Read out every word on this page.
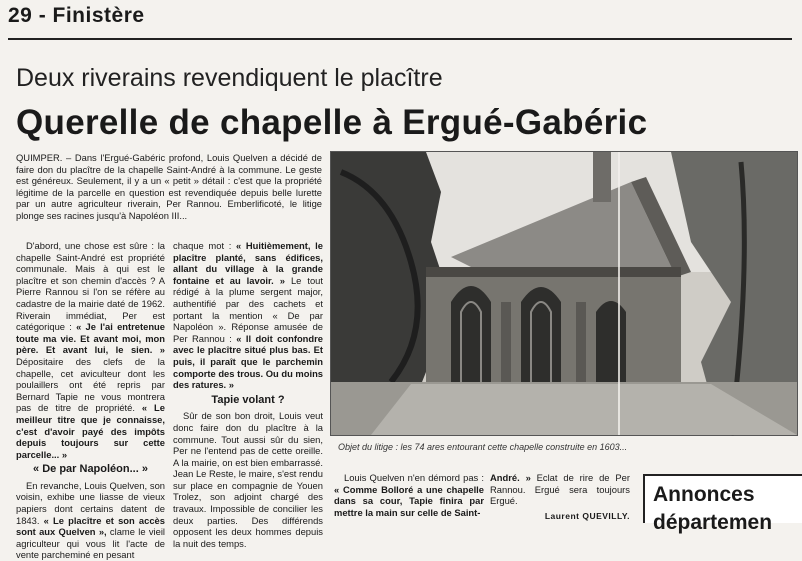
29 - Finistère
Deux riverains revendiquent le placître
Querelle de chapelle à Ergué-Gabéric

QUIMPER. – Dans l'Ergué-Gabéric profond, Louis Quelven a décidé de faire don du placître de la chapelle Saint-André à la commune. Le geste est généreux. Seulement, il y a un « petit » détail : c'est que la propriété légitime de la parcelle en question est revendiquée depuis belle lurette par un autre agriculteur riverain, Per Rannou. Emberlificoté, le litige plonge ses racines jusqu'à Napoléon III...

D'abord, une chose est sûre : la chapelle Saint-André est propriété communale. Mais à qui est le placître et son chemin d'accès ? A Pierre Rannou si l'on se réfère au cadastre de la mairie daté de 1962. Riverain immédiat, Per est catégorique : « Je l'ai entretenue toute ma vie. Et avant moi, mon père. Et avant lui, le sien. » Dépositaire des clefs de la chapelle, cet aviculteur dont les poulaillers ont été repris par Bernard Tapie ne vous montrera pas de titre de propriété. « Le meilleur titre que je connaisse, c'est d'avoir payé des impôts depuis toujours sur cette parcelle... »

« De par Napoléon... »

En revanche, Louis Quelven, son voisin, exhibe une liasse de vieux papiers dont certains datent de 1843. « Le placître et son accès sont aux Quelven », clame le vieil agriculteur qui vous lit l'acte de vente parcheminé en pesant

chaque mot : « Huitièmement, le placître planté, sans édifices, allant du village à la grande fontaine et au lavoir. » Le tout rédigé à la plume sergent major, authentifié par des cachets et portant la mention « De par Napoléon ». Réponse amusée de Per Rannou : « Il doit confondre avec le placître situé plus bas. Et puis, il paraît que le parchemin comporte des trous. Ou du moins des ratures. »

Tapie volant ?

Sûr de son bon droit, Louis veut donc faire don du placître à la commune. Tout aussi sûr du sien, Per ne l'entend pas de cette oreille. A la mairie, on est bien embarrassé. Jean Le Reste, le maire, s'est rendu sur place en compagnie de Youen Trolez, son adjoint chargé des travaux. Impossible de concilier les deux parties. Des différends opposent les deux hommes depuis la nuit des temps.

Objet du litige : les 74 ares entourant cette chapelle construite en 1603...

Louis Quelven n'en démord pas : « Comme Bolloré a une chapelle dans sa cour, Tapie finira par mettre la main sur celle de Saint-

André. » Eclat de rire de Per Rannou. Ergué sera toujours Ergué.

Laurent QUEVILLY.
Annonces
départemen
